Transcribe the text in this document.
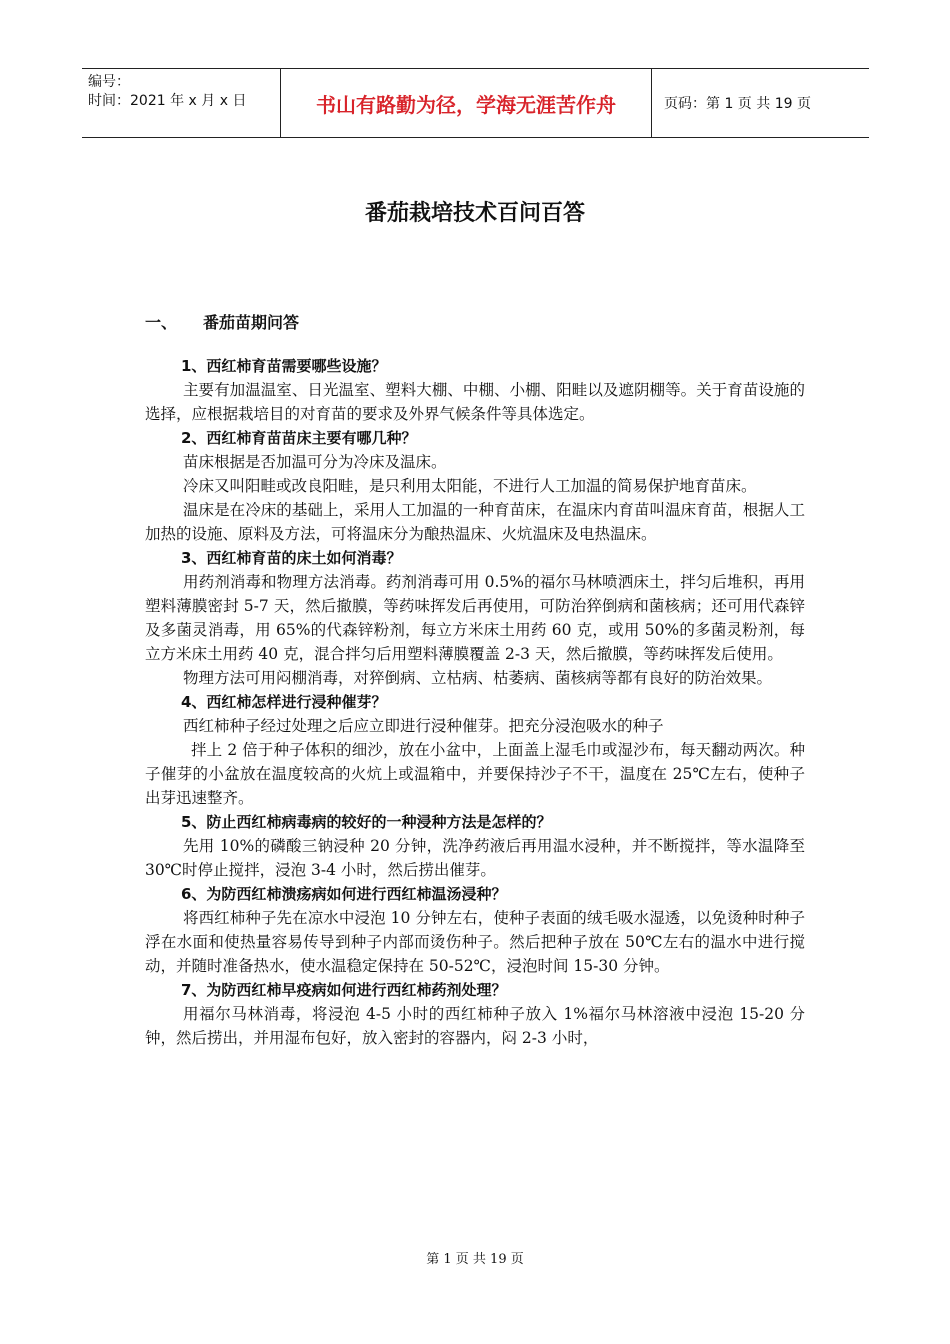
编号：
时间：2021 年 x 月 x 日	书山有路勤为径，学海无涯苦作舟	页码：第 1 页 共 19 页
番茄栽培技术百问百答
一、 番茄苗期问答
1、西红柿育苗需要哪些设施？

主要有加温温室、日光温室、塑料大棚、中棚、小棚、阳畦以及遮阴棚等。关于育苗设施的选择，应根据栽培目的对育苗的要求及外界气候条件等具体选定。

2、西红柿育苗苗床主要有哪几种？

苗床根据是否加温可分为冷床及温床。

冷床又叫阳畦或改良阳畦，是只利用太阳能，不进行人工加温的简易保护地育苗床。

温床是在冷床的基础上，采用人工加温的一种育苗床，在温床内育苗叫温床育苗，根据人工加热的设施、原料及方法，可将温床分为酿热温床、火炕温床及电热温床。

3、西红柿育苗的床土如何消毒？

用药剂消毒和物理方法消毒。药剂消毒可用 0.5%的福尔马林喷洒床土，拌匀后堆积，再用塑料薄膜密封 5-7 天，然后撤膜，等药味挥发后再使用，可防治猝倒病和菌核病；还可用代森锌及多菌灵消毒，用 65%的代森锌粉剂，每立方米床土用药 60 克，或用 50%的多菌灵粉剂，每立方米床土用药 40 克，混合拌匀后用塑料薄膜覆盖 2-3 天，然后撤膜，等药味挥发后使用。

物理方法可用闷棚消毒，对猝倒病、立枯病、枯萎病、菌核病等都有良好的防治效果。

4、西红柿怎样进行浸种催芽？

西红柿种子经过处理之后应立即进行浸种催芽。把充分浸泡吸水的种子

拌上 2 倍于种子体积的细沙，放在小盆中，上面盖上湿毛巾或湿沙布，每天翻动两次。种子催芽的小盆放在温度较高的火炕上或温箱中，并要保持沙子不干，温度在 25℃左右，使种子出芽迅速整齐。

5、防止西红柿病毒病的较好的一种浸种方法是怎样的？

先用 10%的磷酸三钠浸种 20 分钟，洗净药液后再用温水浸种，并不断搅拌，等水温降至 30℃时停止搅拌，浸泡 3-4 小时，然后捞出催芽。

6、为防西红柿溃疡病如何进行西红柿温汤浸种？

将西红柿种子先在凉水中浸泡 10 分钟左右，使种子表面的绒毛吸水湿透，以免烫种时种子浮在水面和使热量容易传导到种子内部而烫伤种子。然后把种子放在 50℃左右的温水中进行搅动，并随时准备热水，使水温稳定保持在 50-52℃，浸泡时间 15-30 分钟。

7、为防西红柿早疫病如何进行西红柿药剂处理？

用福尔马林消毒，将浸泡 4-5 小时的西红柿种子放入 1%福尔马林溶液中浸泡 15-20 分钟，然后捞出，并用湿布包好，放入密封的容器内，闷 2-3 小时，

第 1 页 共 19 页
